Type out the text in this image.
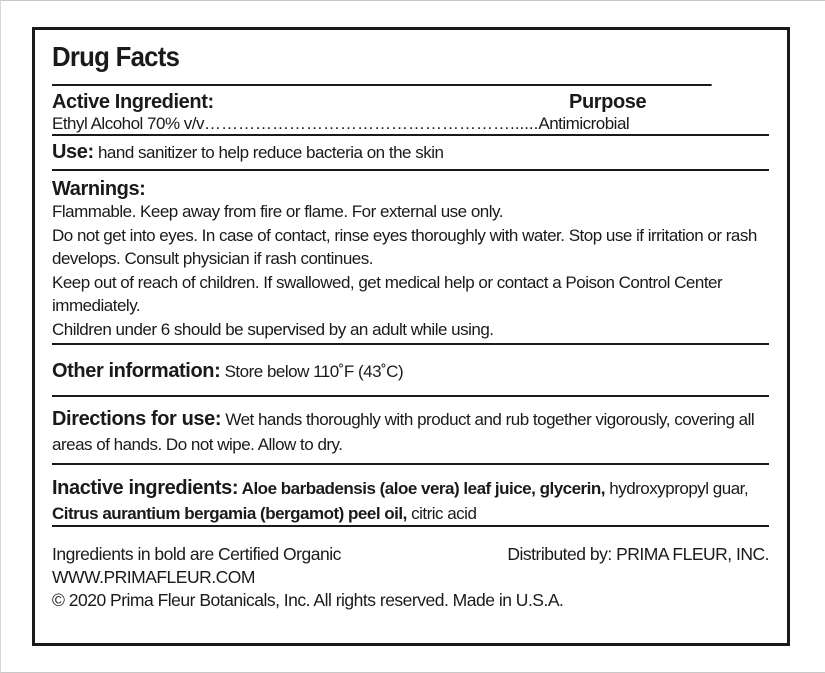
Drug Facts
Active Ingredient:	Purpose
Ethyl Alcohol 70% v/v………………………………………………......Antimicrobial
Use: hand sanitizer to help reduce bacteria on the skin
Warnings:
Flammable. Keep away from fire or flame. For external use only.
Do not get into eyes. In case of contact, rinse eyes thoroughly with water. Stop use if irritation or rash develops. Consult physician if rash continues.
Keep out of reach of children. If swallowed, get medical help or contact a Poison Control Center immediately.
Children under 6 should be supervised by an adult while using.
Other information: Store below 110˚F (43˚C)
Directions for use: Wet hands thoroughly with product and rub together vigorously, covering all areas of hands. Do not wipe. Allow to dry.
Inactive ingredients: Aloe barbadensis (aloe vera) leaf juice, glycerin, hydroxypropyl guar, Citrus aurantium bergamia (bergamot) peel oil, citric acid
Ingredients in bold are Certified Organic	Distributed by: PRIMA FLEUR, INC.
WWW.PRIMAFLEUR.COM
© 2020 Prima Fleur Botanicals, Inc. All rights reserved. Made in U.S.A.
